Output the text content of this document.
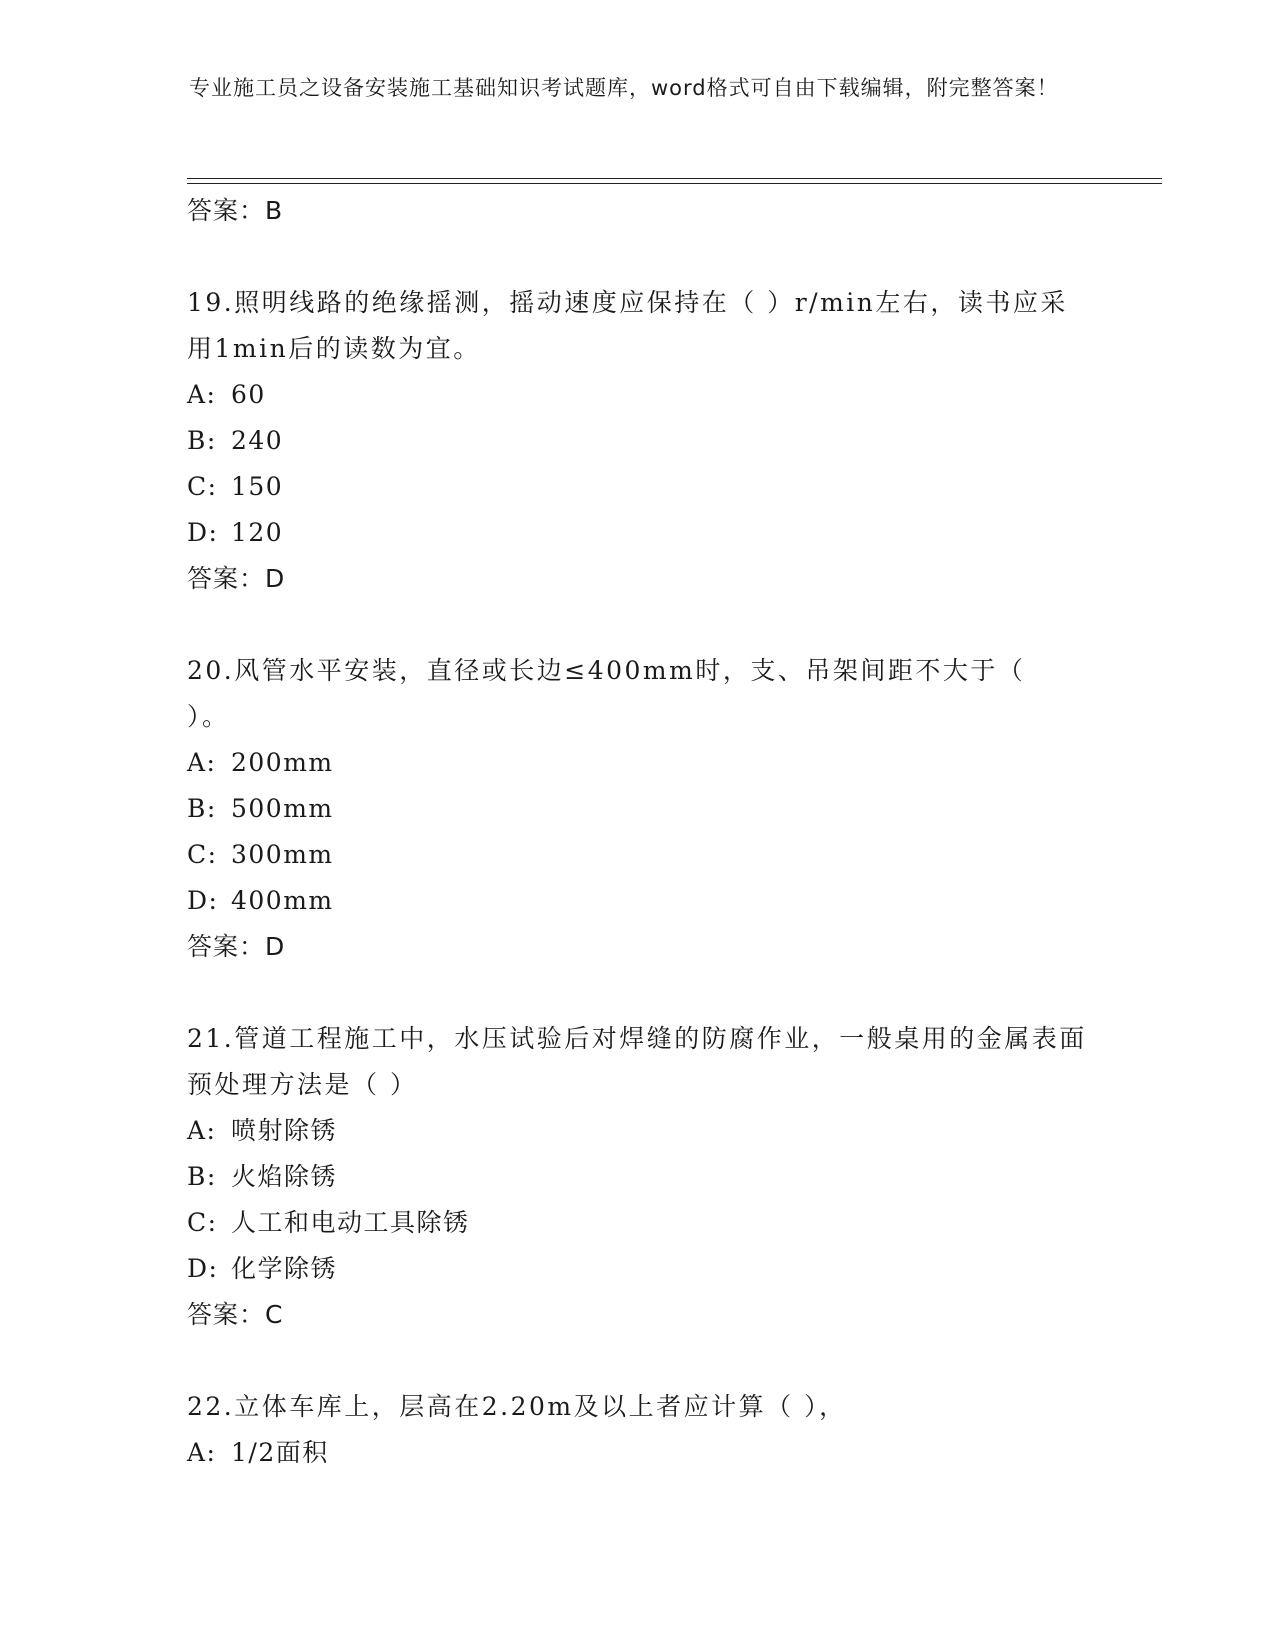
专业施工员之设备安装施工基础知识考试题库，word格式可自由下载编辑，附完整答案！
答案：B
19.照明线路的绝缘摇测，摇动速度应保持在（ ）r/min左右，读书应采用1min后的读数为宜。
A: 60
B: 240
C: 150
D: 120
答案：D
20.风管水平安装，直径或长边≤400mm时，支、吊架间距不大于（ ）。
A: 200mm
B: 500mm
C: 300mm
D: 400mm
答案：D
21.管道工程施工中，水压试验后对焊缝的防腐作业，一般桌用的金属表面预处理方法是（ ）
A: 喷射除锈
B: 火焰除锈
C: 人工和电动工具除锈
D: 化学除锈
答案：C
22.立体车库上，层高在2.20m及以上者应计算（ ），
A: 1/2面积
